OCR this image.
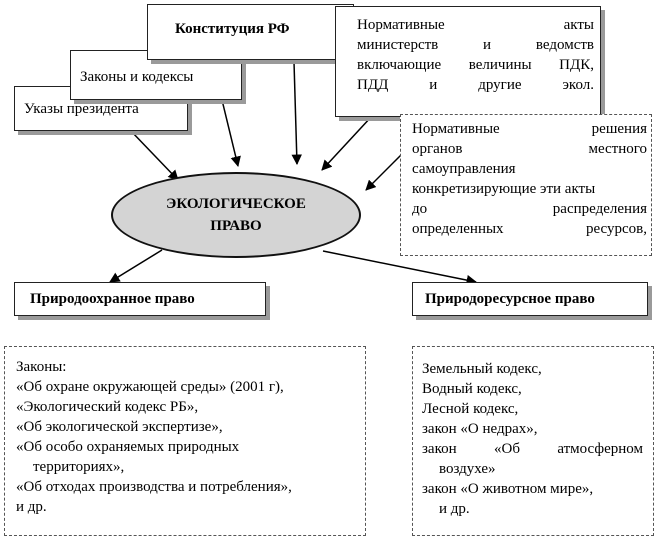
Указы президента
Законы и кодексы
Конституция РФ	Нормативные акты
министерств и ведомств
включающие величины ПДК,
ПДД и другие экол.
Нормативные решения
органов местного
самоуправления
конкретизирующие эти акты
до распределения
определенных ресурсов,
ЭКОЛОГИЧЕСКОЕ
ПРАВО
Природоохранное право	Природоресурсное право
Законы:
«Об охране окружающей среды» (2001 г),
«Экологический кодекс РБ»,
«Об экологической экспертизе»,
«Об особо охраняемых природных
территориях»,
«Об отходах производства и потребления»,
и др.
Земельный кодекс,
Водный кодекс,
Лесной кодекс,
закон «О недрах»,
закон «Об атмосферном
воздухе»
закон «О животном мире»,
и др.
